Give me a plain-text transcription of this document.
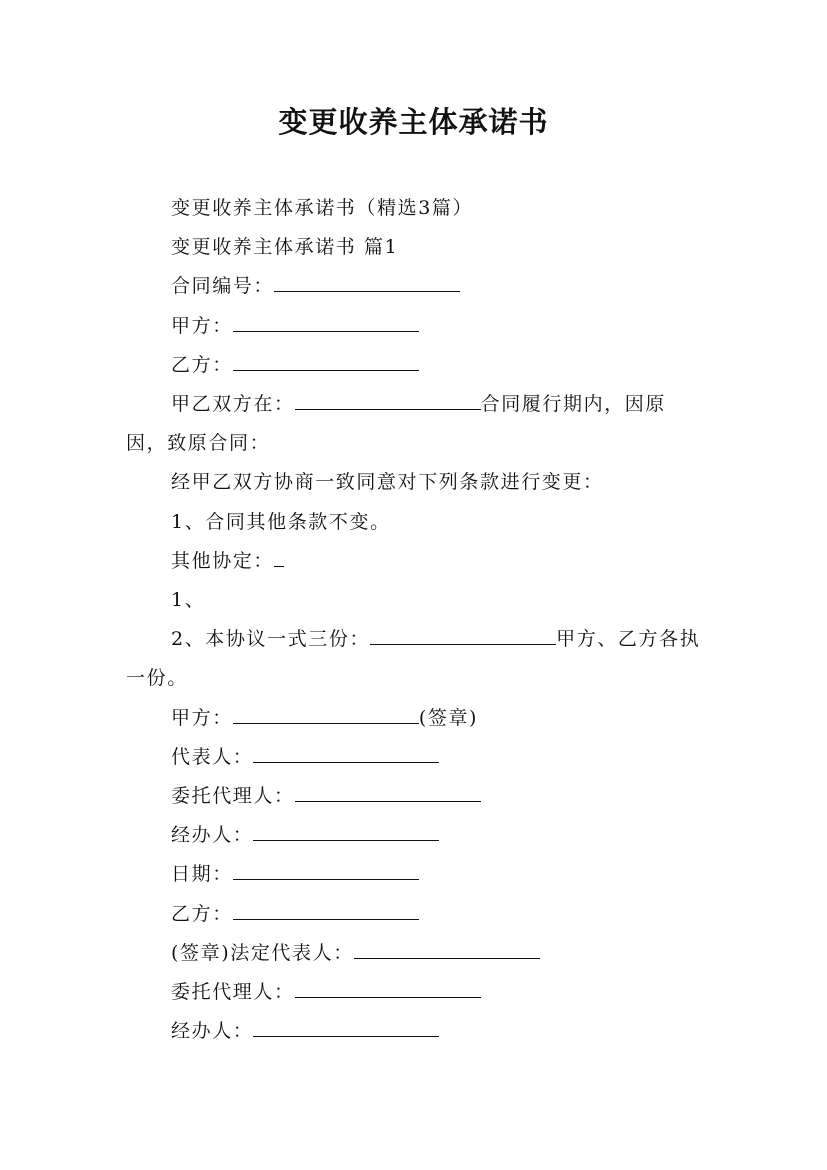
变更收养主体承诺书

变更收养主体承诺书（精选3篇）

变更收养主体承诺书 篇1

合同编号：

甲方：

乙方：

甲乙双方在：	合同履行期内，因原因，致原合同：

经甲乙双方协商一致同意对下列条款进行变更：

1、合同其他条款不变。

其他协定：

1、

2、本协议一式三份：	甲方、乙方各执一份。

甲方：	(签章)

代表人：

委托代理人：

经办人：

日期：

乙方：

(签章)法定代表人：

委托代理人：

经办人：
